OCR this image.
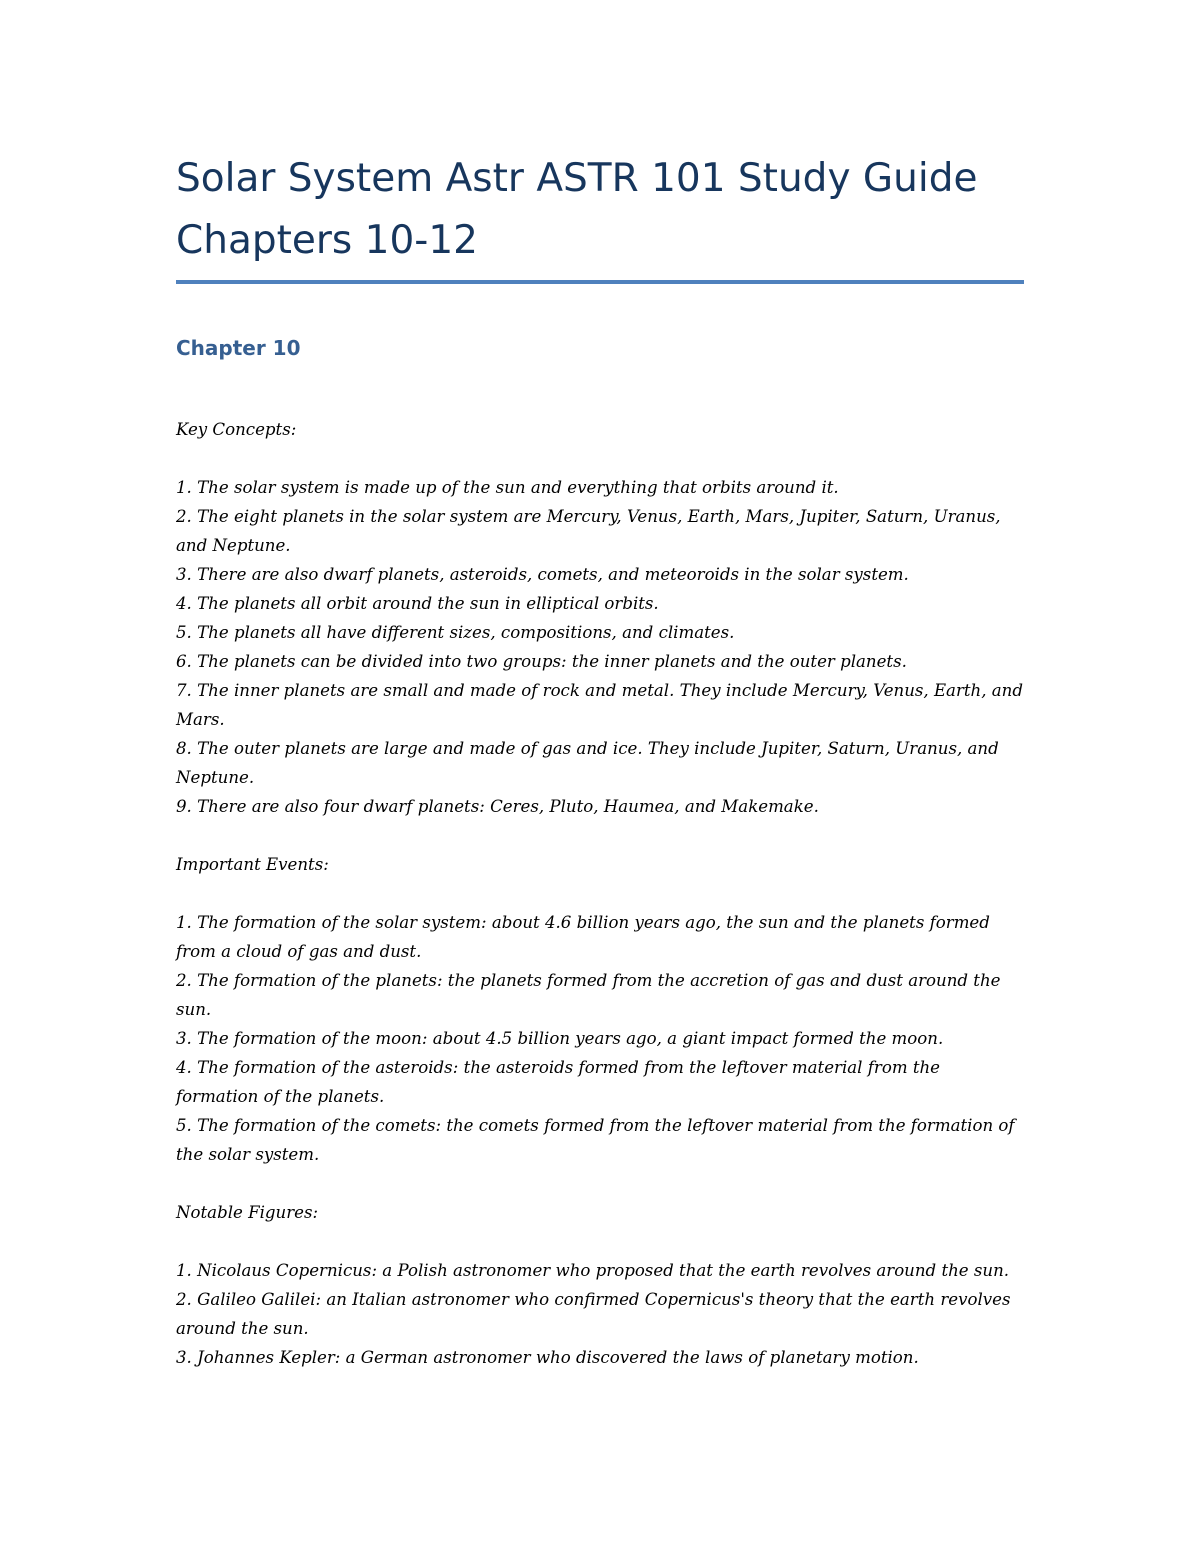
Solar System Astr ASTR 101 Study Guide Chapters 10-12
Chapter 10

Key Concepts:

1. The solar system is made up of the sun and everything that orbits around it.
2. The eight planets in the solar system are Mercury, Venus, Earth, Mars, Jupiter, Saturn, Uranus, and Neptune.
3. There are also dwarf planets, asteroids, comets, and meteoroids in the solar system.
4. The planets all orbit around the sun in elliptical orbits.
5. The planets all have different sizes, compositions, and climates.
6. The planets can be divided into two groups: the inner planets and the outer planets.
7. The inner planets are small and made of rock and metal. They include Mercury, Venus, Earth, and Mars.
8. The outer planets are large and made of gas and ice. They include Jupiter, Saturn, Uranus, and Neptune.
9. There are also four dwarf planets: Ceres, Pluto, Haumea, and Makemake.

Important Events:

1. The formation of the solar system: about 4.6 billion years ago, the sun and the planets formed from a cloud of gas and dust.
2. The formation of the planets: the planets formed from the accretion of gas and dust around the sun.
3. The formation of the moon: about 4.5 billion years ago, a giant impact formed the moon.
4. The formation of the asteroids: the asteroids formed from the leftover material from the formation of the planets.
5. The formation of the comets: the comets formed from the leftover material from the formation of the solar system.

Notable Figures:

1. Nicolaus Copernicus: a Polish astronomer who proposed that the earth revolves around the sun.
2. Galileo Galilei: an Italian astronomer who confirmed Copernicus's theory that the earth revolves around the sun.
3. Johannes Kepler: a German astronomer who discovered the laws of planetary motion.
